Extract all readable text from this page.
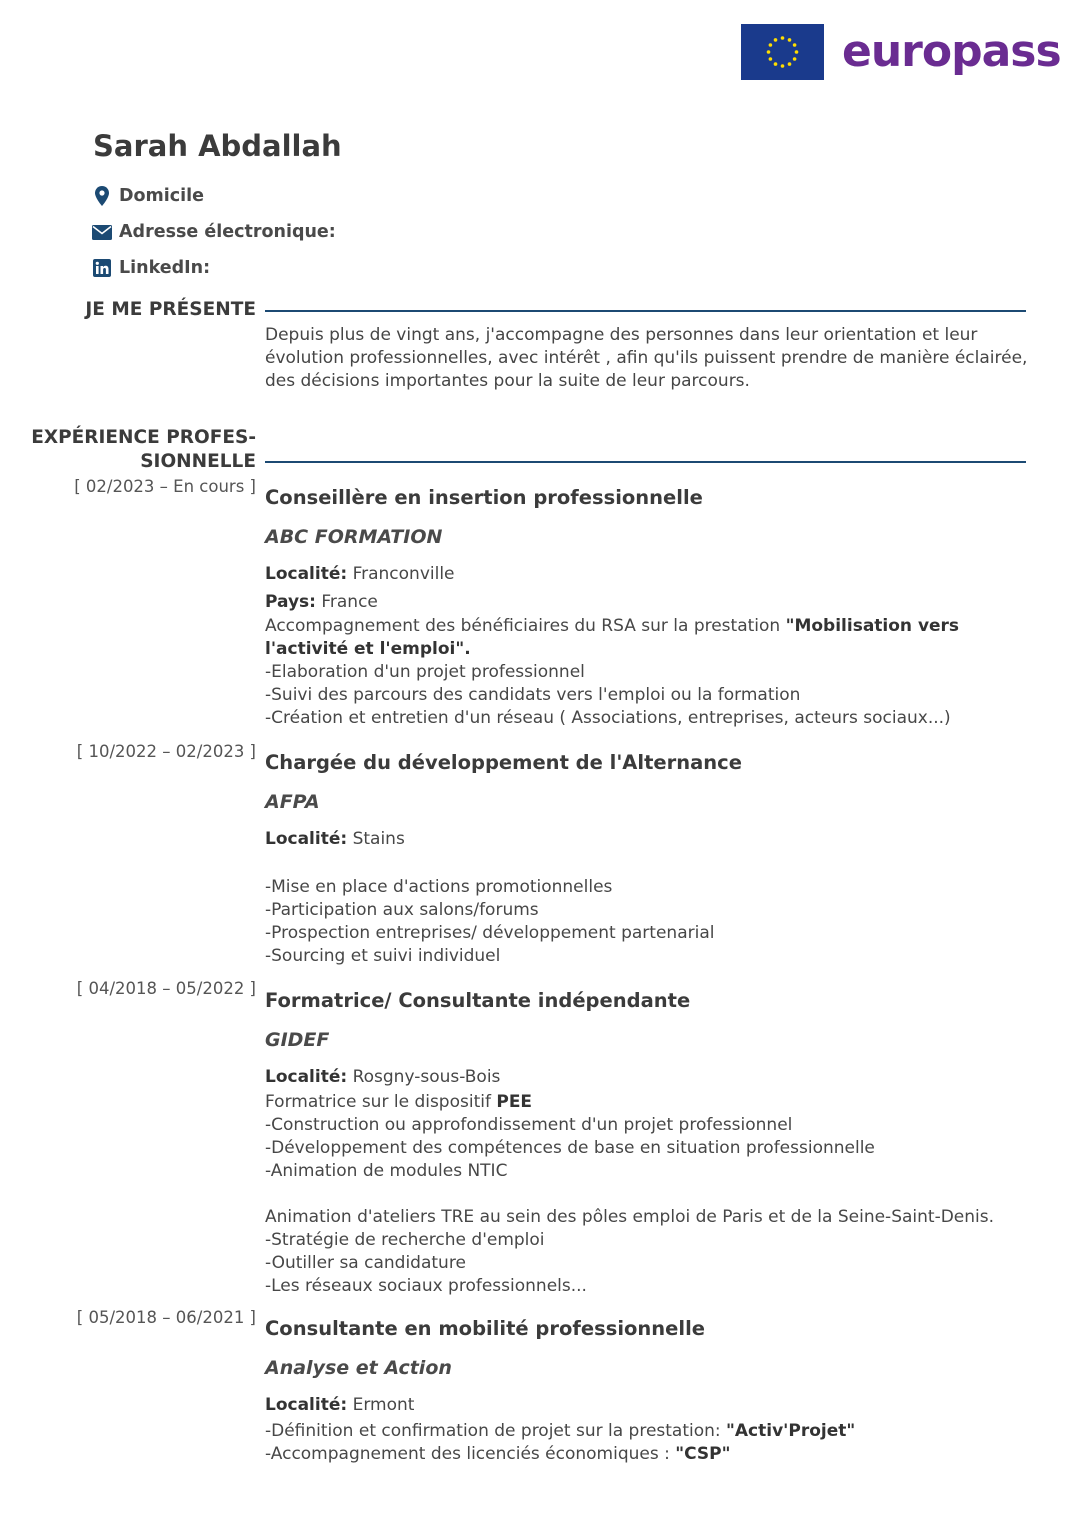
europass
Sarah Abdallah
Domicile
Adresse électronique:
LinkedIn:
JE ME PRÉSENTE
Depuis plus de vingt ans, j'accompagne des personnes dans leur orientation et leur évolution professionnelles, avec intérêt , afin qu'ils puissent prendre de manière éclairée, des décisions importantes pour la suite de leur parcours.
EXPÉRIENCE PROFES-
SIONNELLE
[ 02/2023 – En cours ] Conseillère en insertion professionnelle
ABC FORMATION
Localité: Franconville
Pays: France
Accompagnement des bénéficiaires du RSA sur la prestation "Mobilisation vers
l'activité et l'emploi".
-Elaboration d'un projet professionnel
-Suivi des parcours des candidats vers l'emploi ou la formation
-Création et entretien d'un réseau ( Associations, entreprises, acteurs sociaux...)
[ 10/2022 – 02/2023 ] Chargée du développement de l'Alternance
AFPA
Localité: Stains
-Mise en place d'actions promotionnelles
-Participation aux salons/forums
-Prospection entreprises/ développement partenarial
-Sourcing et suivi individuel
[ 04/2018 – 05/2022 ]
Formatrice/ Consultante indépendante
GIDEF
Localité: Rosgny-sous-Bois
Formatrice sur le dispositif PEE
-Construction ou approfondissement d'un projet professionnel
-Développement des compétences de base en situation professionnelle
-Animation de modules NTIC
Animation d'ateliers TRE au sein des pôles emploi de Paris et de la Seine-Saint-Denis.
-Stratégie de recherche d'emploi
-Outiller sa candidature
-Les réseaux sociaux professionnels...
[ 05/2018 – 06/2021 ] Consultante en mobilité professionnelle
Analyse et Action
Localité: Ermont
-Définition et confirmation de projet sur la prestation: "Activ'Projet"
-Accompagnement des licenciés économiques : "CSP"
